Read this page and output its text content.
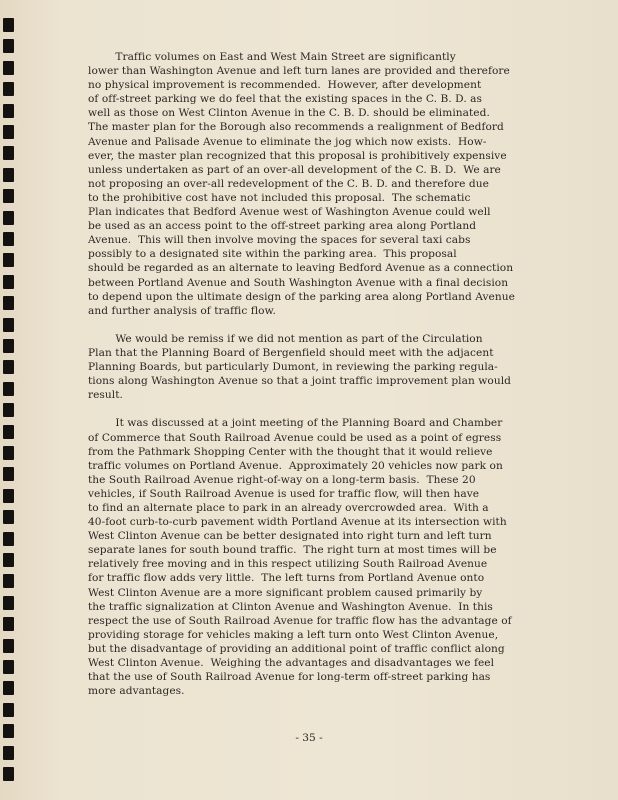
Traffic volumes on East and West Main Street are significantly
lower than Washington Avenue and left turn lanes are provided and therefore
no physical improvement is recommended.  However, after development
of off-street parking we do feel that the existing spaces in the C. B. D. as
well as those on West Clinton Avenue in the C. B. D. should be eliminated.
The master plan for the Borough also recommends a realignment of Bedford
Avenue and Palisade Avenue to eliminate the jog which now exists.  How-
ever, the master plan recognized that this proposal is prohibitively expensive
unless undertaken as part of an over-all development of the C. B. D.  We are
not proposing an over-all redevelopment of the C. B. D. and therefore due
to the prohibitive cost have not included this proposal.  The schematic
Plan indicates that Bedford Avenue west of Washington Avenue could well
be used as an access point to the off-street parking area along Portland
Avenue.  This will then involve moving the spaces for several taxi cabs
possibly to a designated site within the parking area.  This proposal
should be regarded as an alternate to leaving Bedford Avenue as a connection
between Portland Avenue and South Washington Avenue with a final decision
to depend upon the ultimate design of the parking area along Portland Avenue
and further analysis of traffic flow.
We would be remiss if we did not mention as part of the Circulation
Plan that the Planning Board of Bergenfield should meet with the adjacent
Planning Boards, but particularly Dumont, in reviewing the parking regula-
tions along Washington Avenue so that a joint traffic improvement plan would
result.
It was discussed at a joint meeting of the Planning Board and Chamber
of Commerce that South Railroad Avenue could be used as a point of egress
from the Pathmark Shopping Center with the thought that it would relieve
traffic volumes on Portland Avenue.  Approximately 20 vehicles now park on
the South Railroad Avenue right-of-way on a long-term basis.  These 20
vehicles, if South Railroad Avenue is used for traffic flow, will then have
to find an alternate place to park in an already overcrowded area.  With a
40-foot curb-to-curb pavement width Portland Avenue at its intersection with
West Clinton Avenue can be better designated into right turn and left turn
separate lanes for south bound traffic.  The right turn at most times will be
relatively free moving and in this respect utilizing South Railroad Avenue
for traffic flow adds very little.  The left turns from Portland Avenue onto
West Clinton Avenue are a more significant problem caused primarily by
the traffic signalization at Clinton Avenue and Washington Avenue.  In this
respect the use of South Railroad Avenue for traffic flow has the advantage of
providing storage for vehicles making a left turn onto West Clinton Avenue,
but the disadvantage of providing an additional point of traffic conflict along
West Clinton Avenue.  Weighing the advantages and disadvantages we feel
that the use of South Railroad Avenue for long-term off-street parking has
more advantages.
- 35 -
